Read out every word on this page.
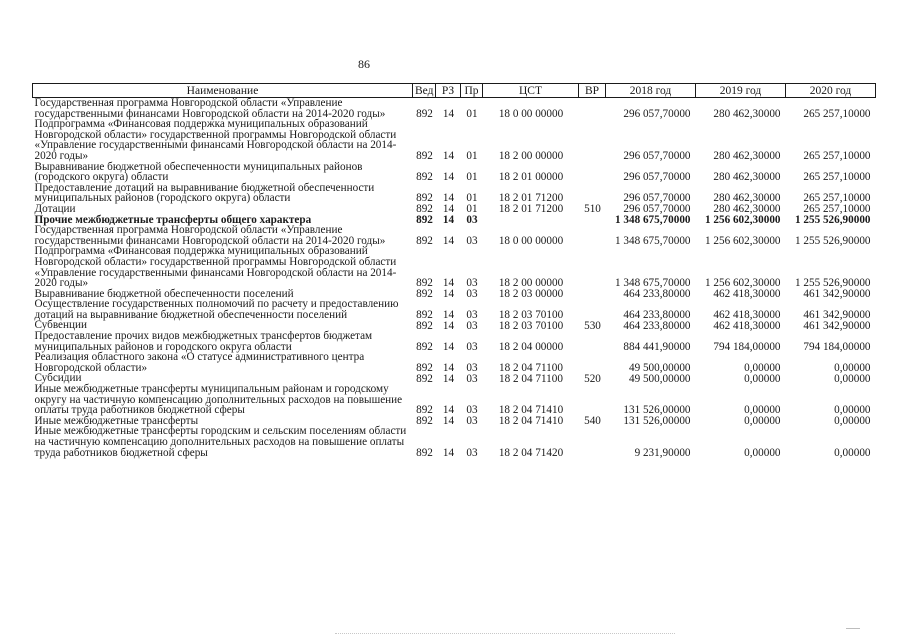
86
Наименование	Вед	РЗ	Пр	ЦСТ	ВР	2018 год	2019 год	2020 год
Государственная программа Новгородской области «Управление государственными финансами Новгородской области на 2014-2020 годы»	892	14	01	18 0 00 00000		296 057,70000	280 462,30000	265 257,10000
Подпрограмма «Финансовая поддержка муниципальных образований Новгородской области» государственной программы Новгородской области «Управление государственными финансами Новгородской области на 2014-2020 годы»	892	14	01	18 2 00 00000		296 057,70000	280 462,30000	265 257,10000
Выравнивание бюджетной обеспеченности муниципальных районов (городского округа) области	892	14	01	18 2 01 00000		296 057,70000	280 462,30000	265 257,10000
Предоставление дотаций на выравнивание бюджетной обеспеченности муниципальных районов (городского округа) области	892	14	01	18 2 01 71200		296 057,70000	280 462,30000	265 257,10000
Дотации	892	14	01	18 2 01 71200	510	296 057,70000	280 462,30000	265 257,10000
Прочие межбюджетные трансферты общего характера	892	14	03			1 348 675,70000	1 256 602,30000	1 255 526,90000
Государственная программа Новгородской области «Управление государственными финансами Новгородской области на 2014-2020 годы»	892	14	03	18 0 00 00000		1 348 675,70000	1 256 602,30000	1 255 526,90000
Подпрограмма «Финансовая поддержка муниципальных образований Новгородской области» государственной программы Новгородской области «Управление государственными финансами Новгородской области на 2014-2020 годы»	892	14	03	18 2 00 00000		1 348 675,70000	1 256 602,30000	1 255 526,90000
Выравнивание бюджетной обеспеченности поселений	892	14	03	18 2 03 00000		464 233,80000	462 418,30000	461 342,90000
Осуществление государственных полномочий по расчету и предоставлению дотаций на выравнивание бюджетной обеспеченности поселений	892	14	03	18 2 03 70100		464 233,80000	462 418,30000	461 342,90000
Субвенции	892	14	03	18 2 03 70100	530	464 233,80000	462 418,30000	461 342,90000
Предоставление прочих видов межбюджетных трансфертов бюджетам муниципальных районов и городского округа области	892	14	03	18 2 04 00000		884 441,90000	794 184,00000	794 184,00000
Реализация областного закона «О статусе административного центра Новгородской области»	892	14	03	18 2 04 71100		49 500,00000	0,00000	0,00000
Субсидии	892	14	03	18 2 04 71100	520	49 500,00000	0,00000	0,00000
Иные межбюджетные трансферты муниципальным районам и городскому округу на частичную компенсацию дополнительных расходов на повышение оплаты труда работников бюджетной сферы	892	14	03	18 2 04 71410		131 526,00000	0,00000	0,00000
Иные межбюджетные трансферты	892	14	03	18 2 04 71410	540	131 526,00000	0,00000	0,00000
Иные межбюджетные трансферты городским и сельским поселениям области на частичную компенсацию дополнительных расходов на повышение оплаты труда работников бюджетной сферы	892	14	03	18 2 04 71420		9 231,90000	0,00000	0,00000
